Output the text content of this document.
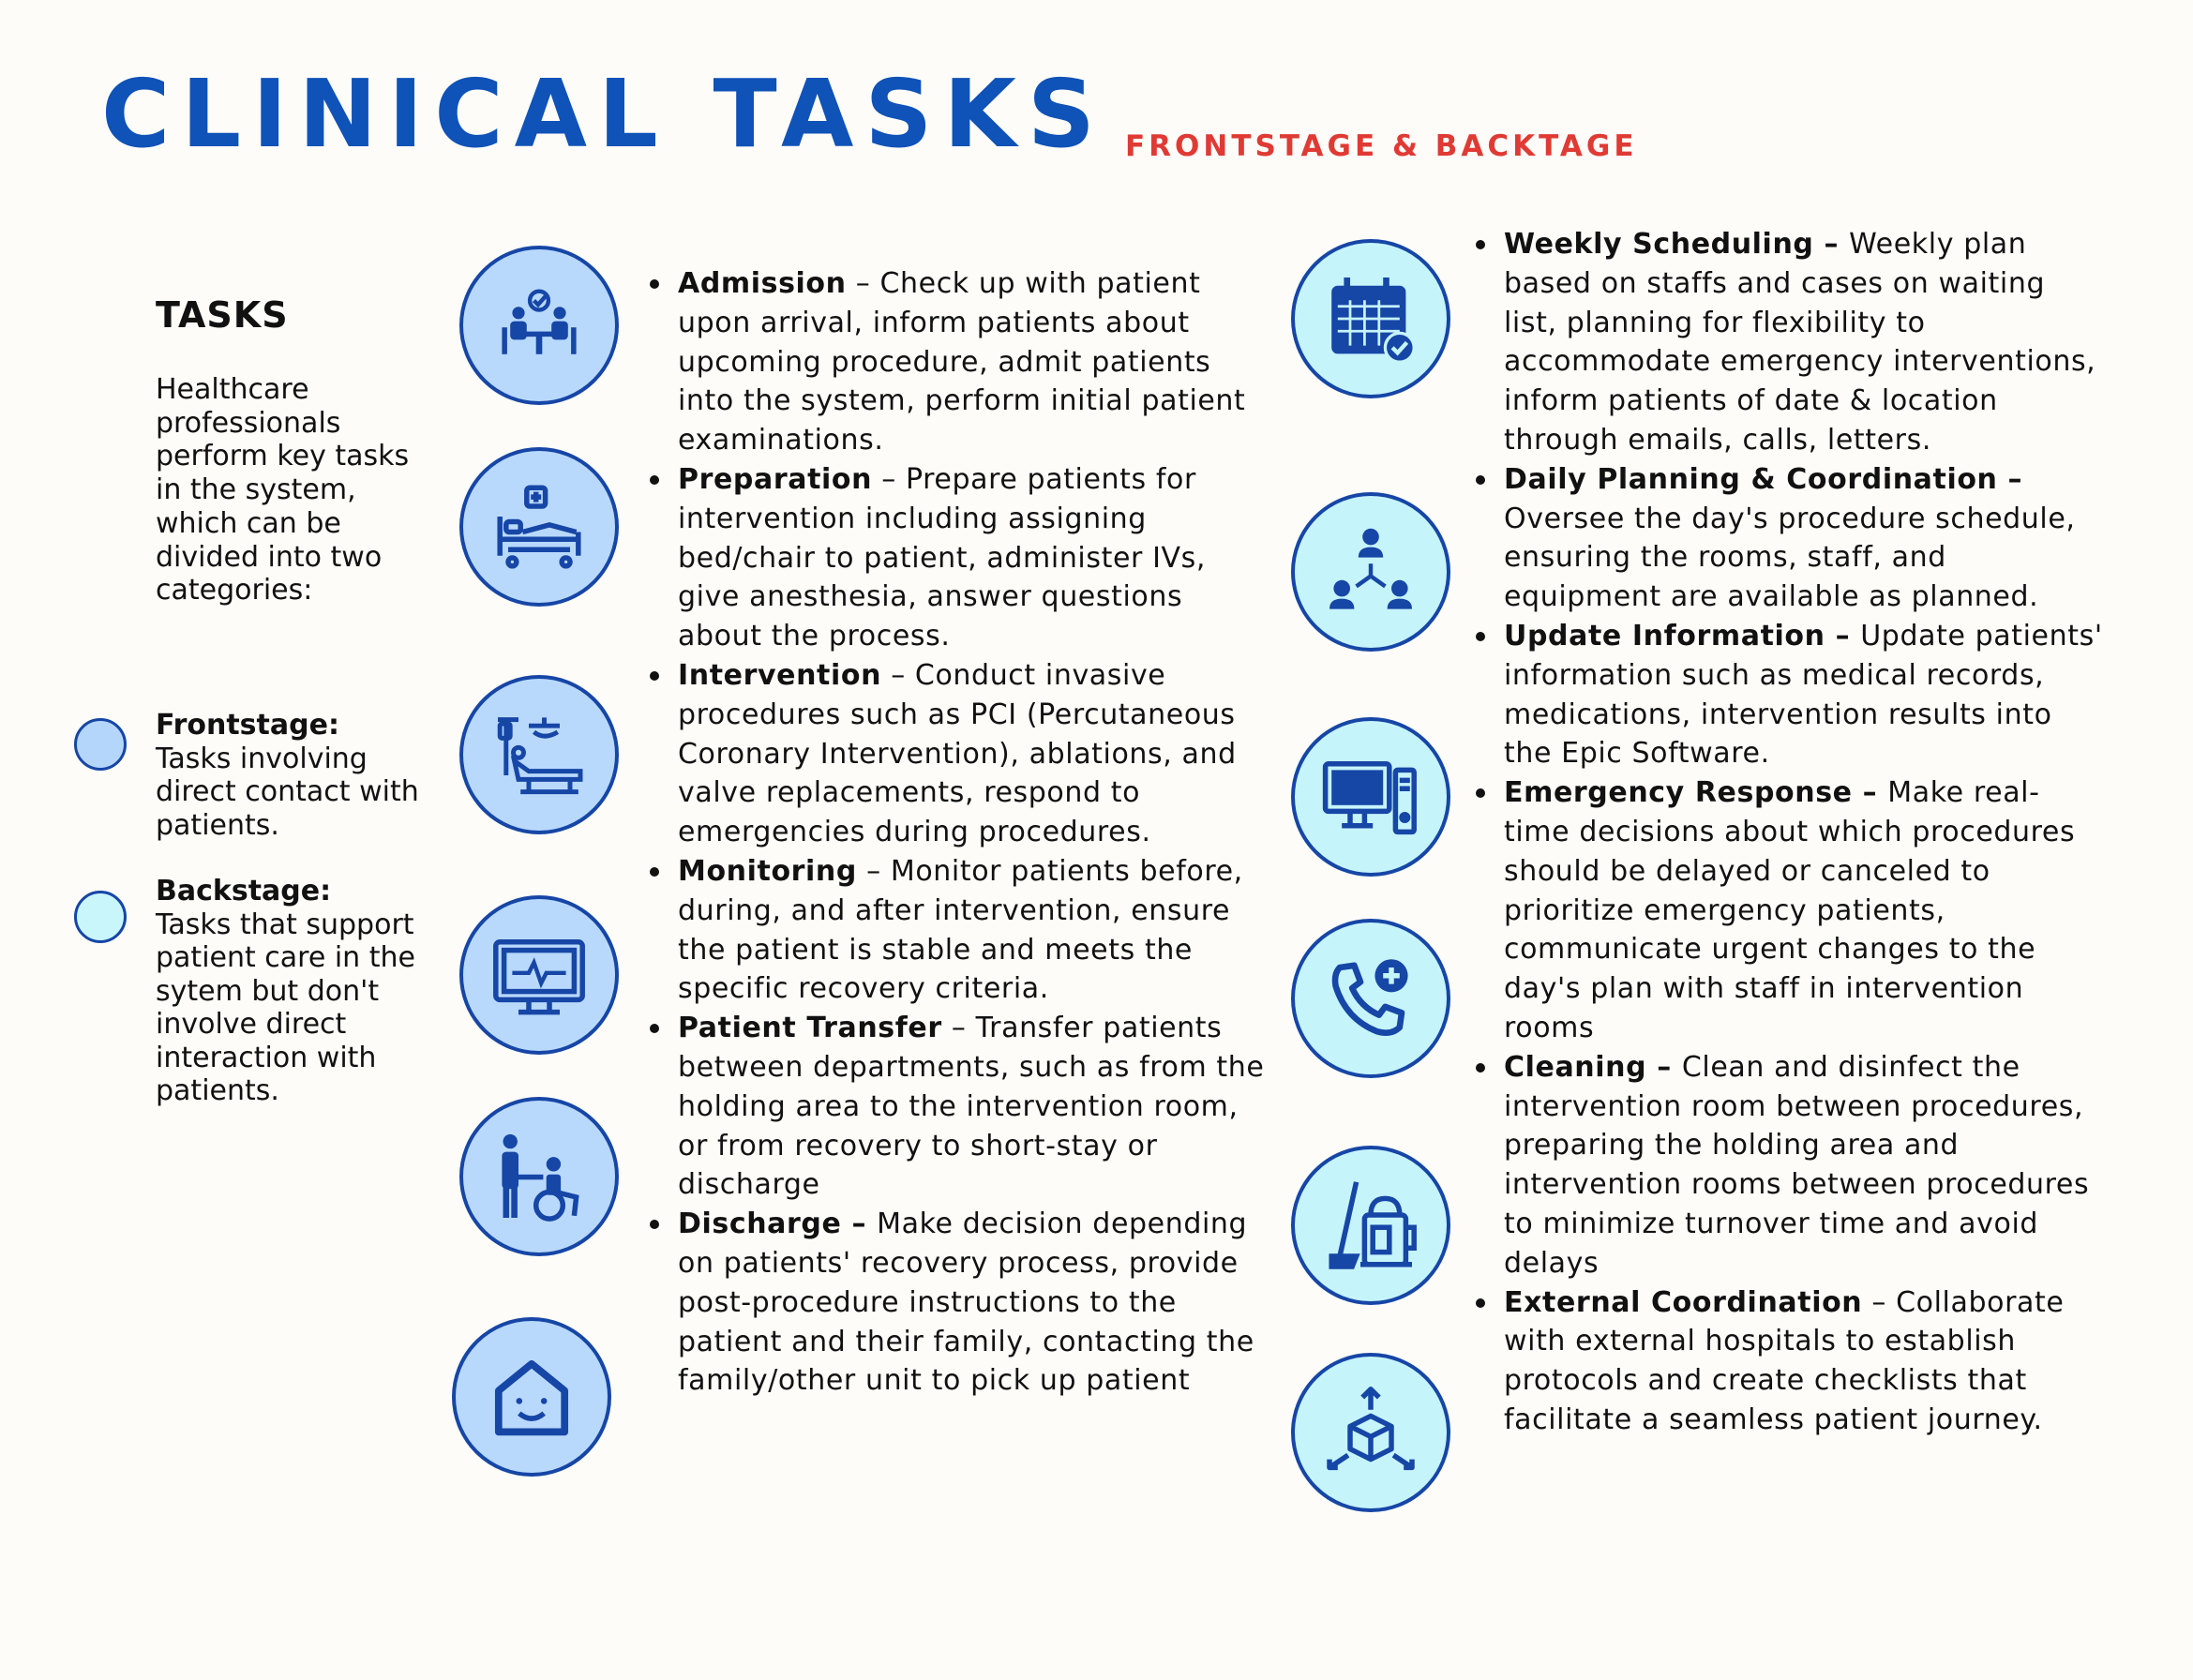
CLINICAL TASKS FRONTSTAGE & BACKTAGE
TASKS
Healthcare professionals perform key tasks in the system, which can be divided into two categories:
Frontstage:
Tasks involving direct contact with patients.
Backstage:
Tasks that support patient care in the sytem but don't involve direct interaction with patients.
Admission – Check up with patient upon arrival, inform patients about upcoming procedure, admit patients into the system, perform initial patient examinations.
Preparation – Prepare patients for intervention including assigning bed/chair to patient, administer IVs, give anesthesia, answer questions about the process.
Intervention – Conduct invasive procedures such as PCI (Percutaneous Coronary Intervention), ablations, and valve replacements, respond to emergencies during procedures.
Monitoring – Monitor patients before, during, and after intervention, ensure the patient is stable and meets the specific recovery criteria.
Patient Transfer – Transfer patients between departments, such as from the holding area to the intervention room, or from recovery to short-stay or discharge
Discharge – Make decision depending on patients' recovery process, provide post-procedure instructions to the patient and their family, contacting the family/other unit to pick up patient
Weekly Scheduling – Weekly plan based on staffs and cases on waiting list, planning for flexibility to accommodate emergency interventions, inform patients of date & location through emails, calls, letters.
Daily Planning & Coordination – Oversee the day's procedure schedule, ensuring the rooms, staff, and equipment are available as planned.
Update Information – Update patients' information such as medical records, medications, intervention results into the Epic Software.
Emergency Response – Make real-time decisions about which procedures should be delayed or canceled to prioritize emergency patients, communicate urgent changes to the day's plan with staff in intervention rooms
Cleaning – Clean and disinfect the intervention room between procedures, preparing the holding area and intervention rooms between procedures to minimize turnover time and avoid delays
External Coordination – Collaborate with external hospitals to establish protocols and create checklists that facilitate a seamless patient journey.
